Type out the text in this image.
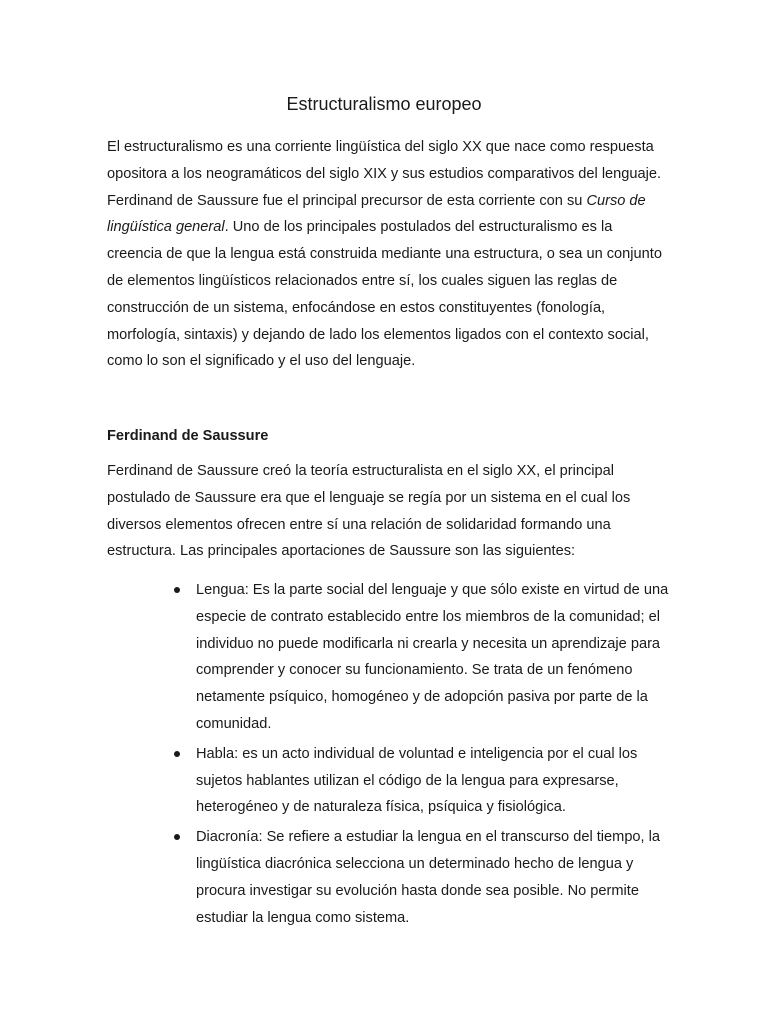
Estructuralismo europeo

El estructuralismo es una corriente lingüística del siglo XX que nace como respuesta opositora a los neogramáticos del siglo XIX y sus estudios comparativos del lenguaje. Ferdinand de Saussure fue el principal precursor de esta corriente con su Curso de lingüística general. Uno de los principales postulados del estructuralismo es la creencia de que la lengua está construida mediante una estructura, o sea un conjunto de elementos lingüísticos relacionados entre sí, los cuales siguen las reglas de construcción de un sistema, enfocándose en estos constituyentes (fonología, morfología, sintaxis) y dejando de lado los elementos ligados con el contexto social, como lo son el significado y el uso del lenguaje.

Ferdinand de Saussure

Ferdinand de Saussure creó la teoría estructuralista en el siglo XX, el principal postulado de Saussure era que el lenguaje se regía por un sistema en el cual los diversos elementos ofrecen entre sí una relación de solidaridad formando una estructura. Las principales aportaciones de Saussure son las siguientes:

Lengua: Es la parte social del lenguaje y que sólo existe en virtud de una especie de contrato establecido entre los miembros de la comunidad; el individuo no puede modificarla ni crearla y necesita un aprendizaje para comprender y conocer su funcionamiento. Se trata de un fenómeno netamente psíquico, homogéneo y de adopción pasiva por parte de la comunidad.
Habla: es un acto individual de voluntad e inteligencia por el cual los sujetos hablantes utilizan el código de la lengua para expresarse, heterogéneo y de naturaleza física, psíquica y fisiológica.
Diacronía: Se refiere a estudiar la lengua en el transcurso del tiempo, la lingüística diacrónica selecciona un determinado hecho de lengua y procura investigar su evolución hasta donde sea posible. No permite estudiar la lengua como sistema.
